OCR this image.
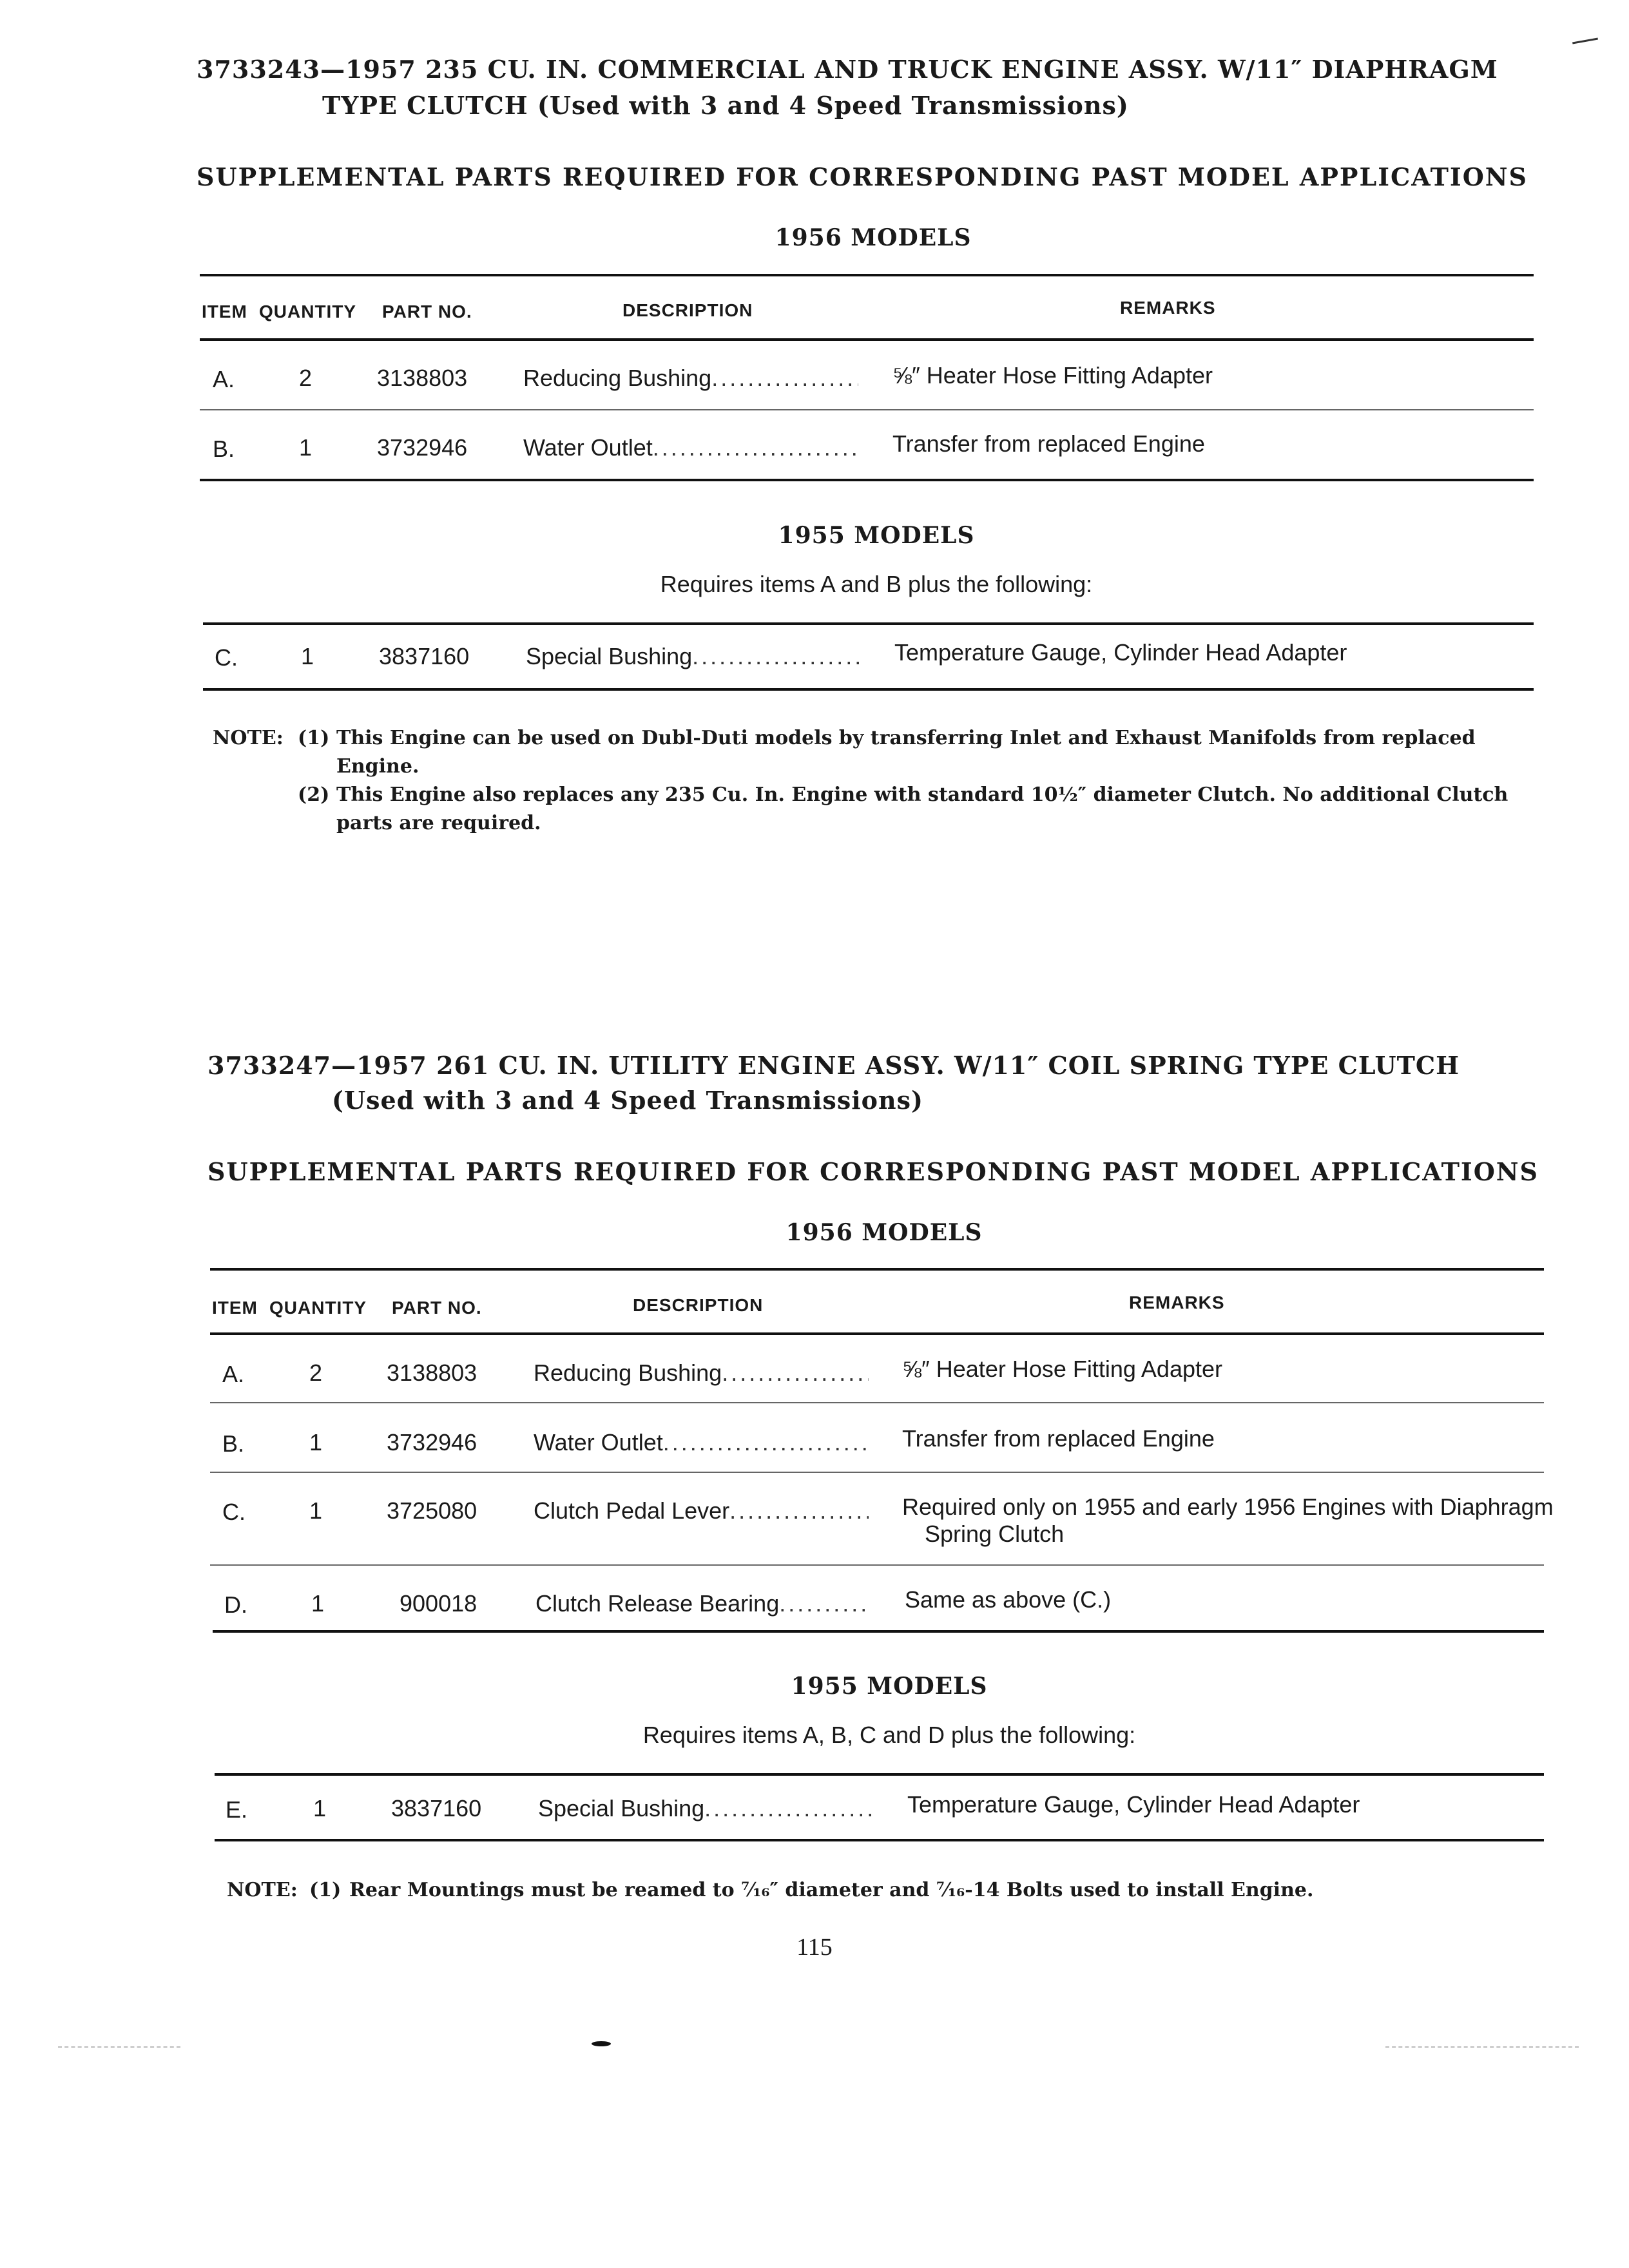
3733243—1957 235 CU. IN. COMMERCIAL AND TRUCK ENGINE ASSY. W/11″ DIAPHRAGM
TYPE CLUTCH (Used with 3 and 4 Speed Transmissions)
SUPPLEMENTAL PARTS REQUIRED FOR CORRESPONDING PAST MODEL APPLICATIONS
1956 MODELS
ITEM QUANTITY PART NO.	DESCRIPTION	REMARKS
A.	2	3138803 Reducing Bushing .....	⅝″ Heater Hose Fitting Adapter
B.	1	3732946 Water Outlet .....	Transfer from replaced Engine
1955 MODELS
Requires items A and B plus the following:
C.	1	3837160 Special Bushing .....	Temperature Gauge, Cylinder Head Adapter
NOTE: (1) This Engine can be used on Dubl-Duti models by transferring Inlet and Exhaust Manifolds from replaced Engine.
(2) This Engine also replaces any 235 Cu. In. Engine with standard 10½″ diameter Clutch. No additional Clutch parts are required.
3733247—1957 261 CU. IN. UTILITY ENGINE ASSY. W/11″ COIL SPRING TYPE CLUTCH
(Used with 3 and 4 Speed Transmissions)
SUPPLEMENTAL PARTS REQUIRED FOR CORRESPONDING PAST MODEL APPLICATIONS
1956 MODELS
ITEM QUANTITY PART NO.	DESCRIPTION	REMARKS
A.	2	3138803 Reducing Bushing .....	⅝″ Heater Hose Fitting Adapter
B.	1	3732946 Water Outlet .....	Transfer from replaced Engine
C.	1	3725080 Clutch Pedal Lever .....	Required only on 1955 and early 1956 Engines with Diaphragm
Spring Clutch
D.	1	900018	Clutch Release Bearing .....	Same as above (C.)
1955 MODELS
Requires items A, B, C and D plus the following:
E.	1	3837160 Special Bushing .....	Temperature Gauge, Cylinder Head Adapter
NOTE: (1) Rear Mountings must be reamed to ⁷⁄₁₆″ diameter and ⁷⁄₁₆-14 Bolts used to install Engine.
115
